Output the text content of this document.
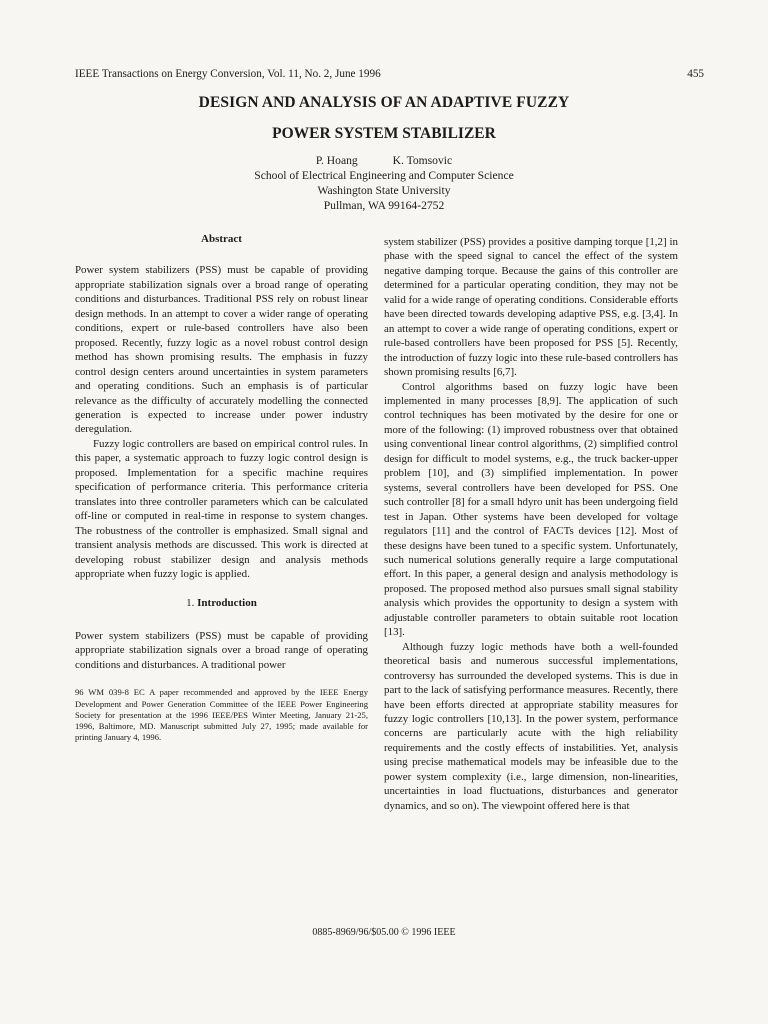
IEEE Transactions on Energy Conversion, Vol. 11, No. 2, June 1996	455
DESIGN AND ANALYSIS OF AN ADAPTIVE FUZZY
POWER SYSTEM STABILIZER
P. Hoang	K. Tomsovic
School of Electrical Engineering and Computer Science
Washington State University
Pullman, WA 99164-2752
Abstract

Power system stabilizers (PSS) must be capable of providing appropriate stabilization signals over a broad range of operating conditions and disturbances. Traditional PSS rely on robust linear design methods. In an attempt to cover a wider range of operating conditions, expert or rule-based controllers have also been proposed. Recently, fuzzy logic as a novel robust control design method has shown promising results. The emphasis in fuzzy control design centers around uncertainties in system parameters and operating conditions. Such an emphasis is of particular relevance as the difficulty of accurately modelling the connected generation is expected to increase under power industry deregulation.

Fuzzy logic controllers are based on empirical control rules. In this paper, a systematic approach to fuzzy logic control design is proposed. Implementation for a specific machine requires specification of performance criteria. This performance criteria translates into three controller parameters which can be calculated off-line or computed in real-time in response to system changes. The robustness of the controller is emphasized. Small signal and transient analysis methods are discussed. This work is directed at developing robust stabilizer design and analysis methods appropriate when fuzzy logic is applied.

1. Introduction

Power system stabilizers (PSS) must be capable of providing appropriate stabilization signals over a broad range of operating conditions and disturbances. A traditional power

96 WM 039-8 EC A paper recommended and approved by the IEEE Energy Development and Power Generation Committee of the IEEE Power Engineering Society for presentation at the 1996 IEEE/PES Winter Meeting, January 21-25, 1996, Baltimore, MD. Manuscript submitted July 27, 1995; made available for printing January 4, 1996.

system stabilizer (PSS) provides a positive damping torque [1,2] in phase with the speed signal to cancel the effect of the system negative damping torque. Because the gains of this controller are determined for a particular operating condition, they may not be valid for a wide range of operating conditions. Considerable efforts have been directed towards developing adaptive PSS, e.g. [3,4]. In an attempt to cover a wide range of operating conditions, expert or rule-based controllers have been proposed for PSS [5]. Recently, the introduction of fuzzy logic into these rule-based controllers has shown promising results [6,7].

Control algorithms based on fuzzy logic have been implemented in many processes [8,9]. The application of such control techniques has been motivated by the desire for one or more of the following: (1) improved robustness over that obtained using conventional linear control algorithms, (2) simplified control design for difficult to model systems, e.g., the truck backer-upper problem [10], and (3) simplified implementation. In power systems, several controllers have been developed for PSS. One such controller [8] for a small hdyro unit has been undergoing field test in Japan. Other systems have been developed for voltage regulators [11] and the control of FACTs devices [12]. Most of these designs have been tuned to a specific system. Unfortunately, such numerical solutions generally require a large computational effort. In this paper, a general design and analysis methodology is proposed. The proposed method also pursues small signal stability analysis which provides the opportunity to design a system with adjustable controller parameters to obtain suitable root location [13].

Although fuzzy logic methods have both a well-founded theoretical basis and numerous successful implementations, controversy has surrounded the developed systems. This is due in part to the lack of satisfying performance measures. Recently, there have been efforts directed at appropriate stability measures for fuzzy logic controllers [10,13]. In the power system, performance concerns are particularly acute with the high reliability requirements and the costly effects of instabilities. Yet, analysis using precise mathematical models may be infeasible due to the power system complexity (i.e., large dimension, non-linearities, uncertainties in load fluctuations, disturbances and generator dynamics, and so on). The viewpoint offered here is that

0885-8969/96/$05.00 © 1996 IEEE
